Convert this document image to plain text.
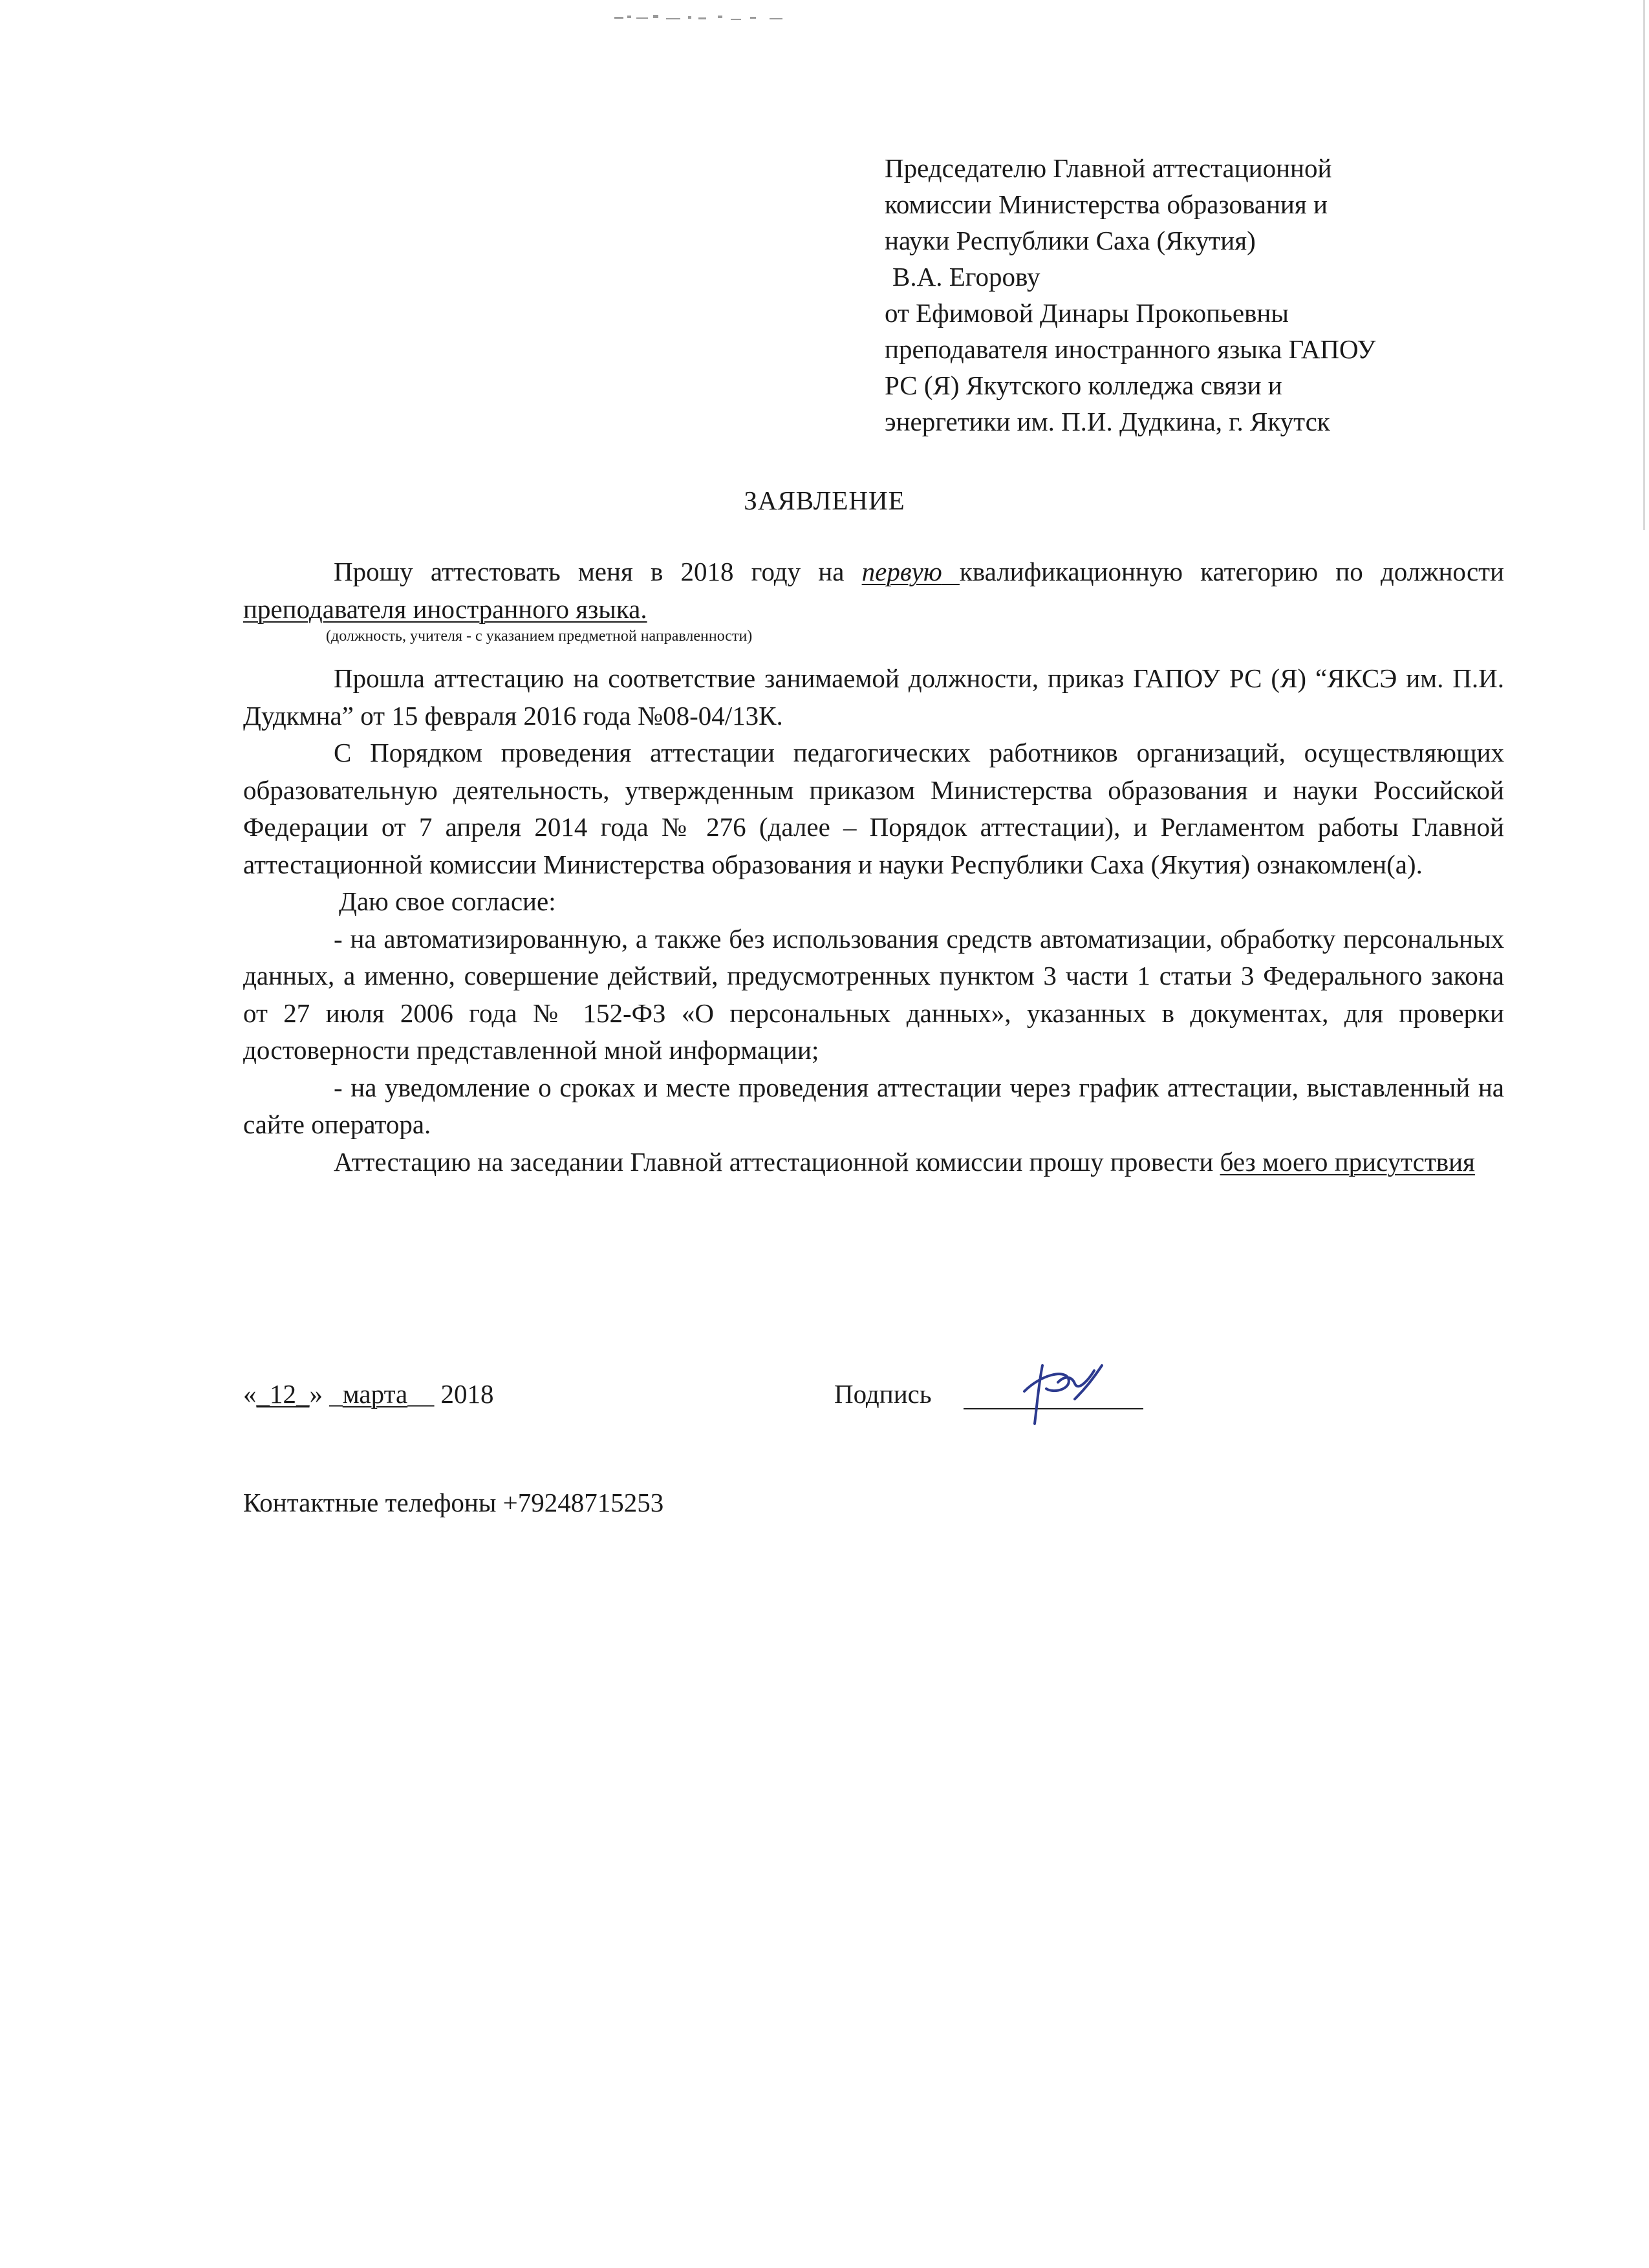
Председателю Главной аттестационной
комиссии Министерства образования и
науки Республики Саха (Якутия)
В.А. Егорову
от Ефимовой Динары Прокопьевны
преподавателя иностранного языка ГАПОУ
РС (Я) Якутского колледжа связи и
энергетики им. П.И. Дудкина, г. Якутск
ЗАЯВЛЕНИЕ

Прошу аттестовать меня в 2018 году на первую квалификационную категорию по должности преподавателя иностранного языка.

(должность, учителя - с указанием предметной направленности)

Прошла аттестацию на соответствие занимаемой должности, приказ ГАПОУ РС (Я) “ЯКСЭ им. П.И. Дудкмна” от 15 февраля 2016 года №08-04/13К.

С Порядком проведения аттестации педагогических работников организаций, осуществляющих образовательную деятельность, утвержденным приказом Министерства образования и науки Российской Федерации от 7 апреля 2014 года № 276 (далее – Порядок аттестации), и Регламентом работы Главной аттестационной комиссии Министерства образования и науки Республики Саха (Якутия) ознакомлен(а).

Даю свое согласие:

- на автоматизированную, а также без использования средств автоматизации, обработку персональных данных, а именно, совершение действий, предусмотренных пунктом 3 части 1 статьи 3 Федерального закона от 27 июля 2006 года № 152-ФЗ «О персональных данных», указанных в документах, для проверки достоверности представленной мной информации;

- на уведомление о сроках и месте проведения аттестации через график аттестации, выставленный на сайте оператора.

Аттестацию на заседании Главной аттестационной комиссии прошу провести без моего присутствия

«_12_» _марта__ 2018	Подпись
Контактные телефоны +79248715253
